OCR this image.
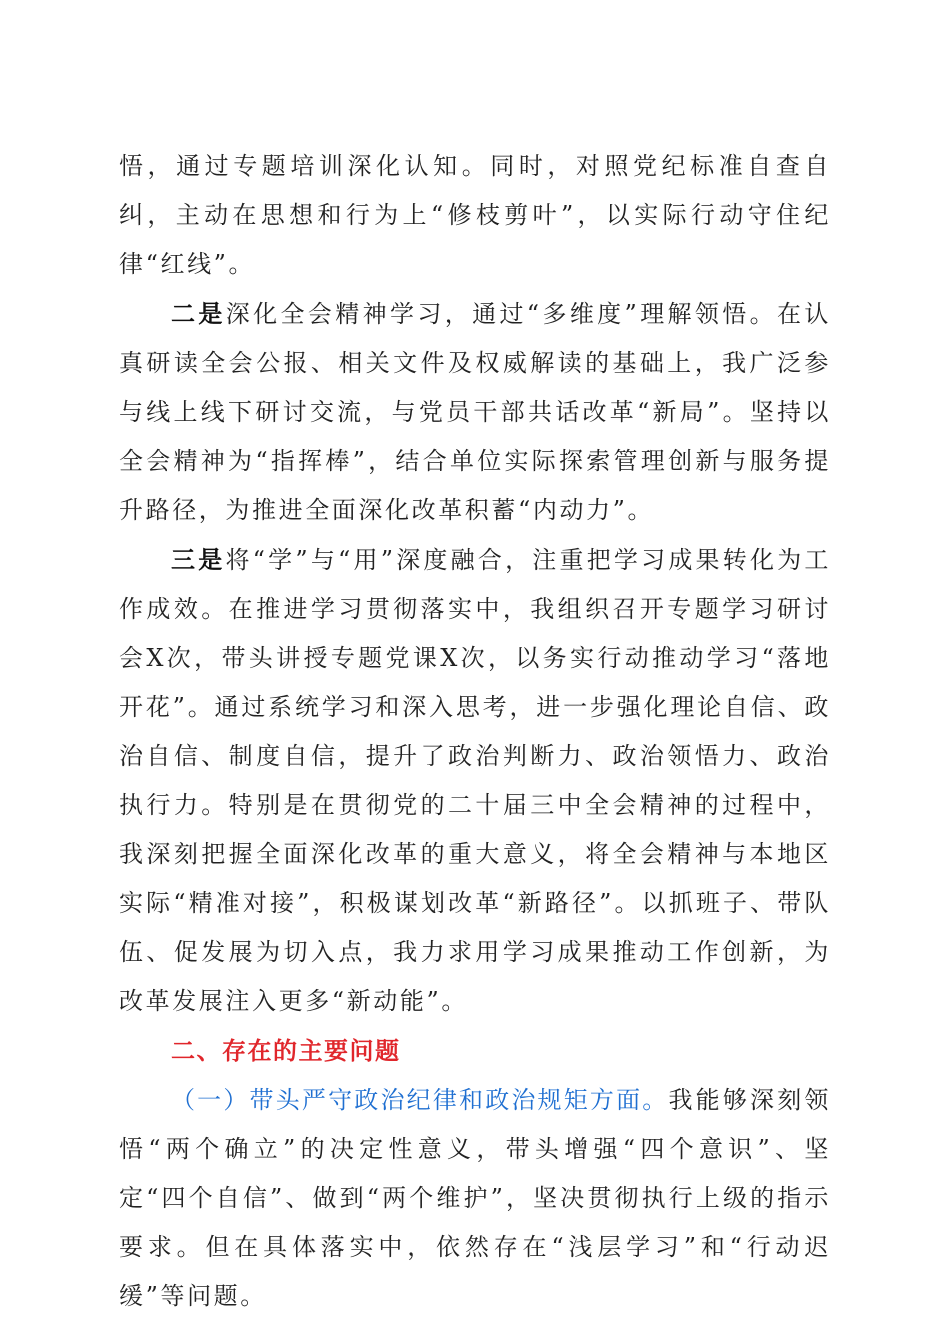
悟，通过专题培训深化认知。同时，对照党纪标准自查自纠，主动在思想和行为上“修枝剪叶”，以实际行动守住纪律“红线”。

二是深化全会精神学习，通过“多维度”理解领悟。在认真研读全会公报、相关文件及权威解读的基础上，我广泛参与线上线下研讨交流，与党员干部共话改革“新局”。坚持以全会精神为“指挥棒”，结合单位实际探索管理创新与服务提升路径，为推进全面深化改革积蓄“内动力”。

三是将“学”与“用”深度融合，注重把学习成果转化为工作成效。在推进学习贯彻落实中，我组织召开专题学习研讨会X次，带头讲授专题党课X次，以务实行动推动学习“落地开花”。通过系统学习和深入思考，进一步强化理论自信、政治自信、制度自信，提升了政治判断力、政治领悟力、政治执行力。特别是在贯彻党的二十届三中全会精神的过程中，我深刻把握全面深化改革的重大意义，将全会精神与本地区实际“精准对接”，积极谋划改革“新路径”。以抓班子、带队伍、促发展为切入点，我力求用学习成果推动工作创新，为改革发展注入更多“新动能”。

二、存在的主要问题

（一）带头严守政治纪律和政治规矩方面。我能够深刻领悟“两个确立”的决定性意义，带头增强“四个意识”、坚定“四个自信”、做到“两个维护”，坚决贯彻执行上级的指示要求。但在具体落实中，依然存在“浅层学习”和“行动迟缓”等问题。
